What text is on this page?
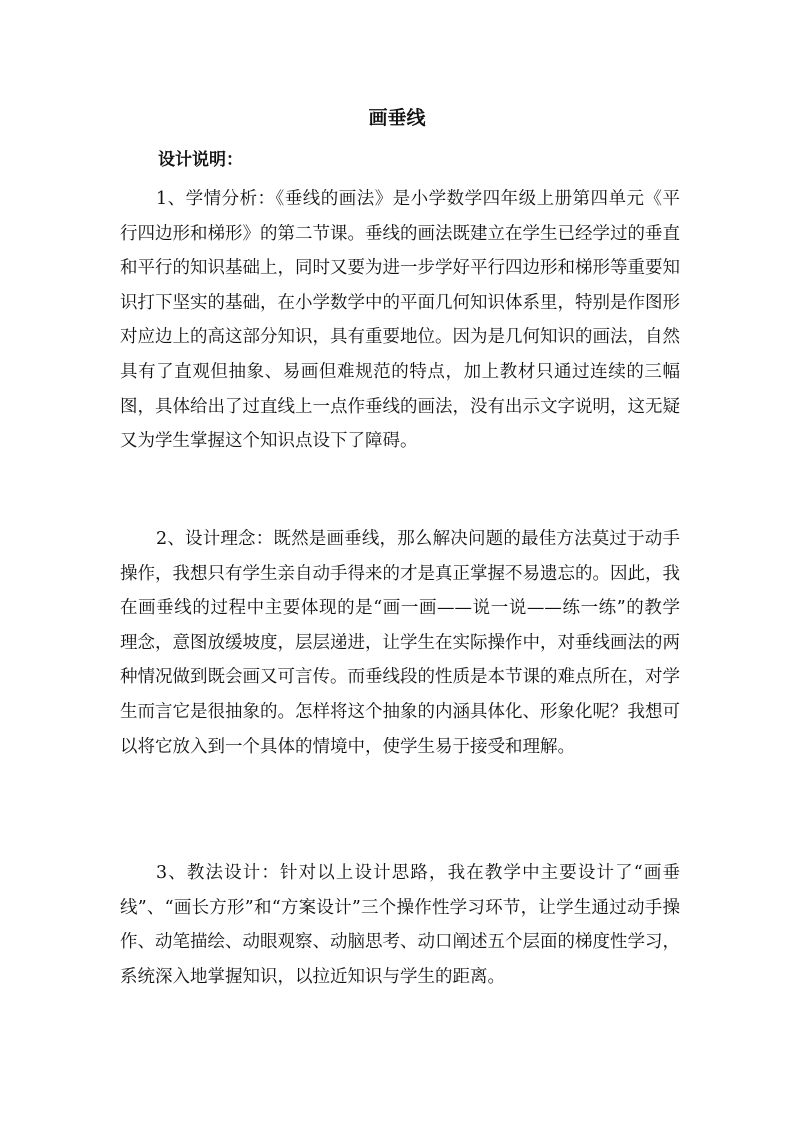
画垂线
设计说明：

1、学情分析：《垂线的画法》是小学数学四年级上册第四单元《平行四边形和梯形》的第二节课。垂线的画法既建立在学生已经学过的垂直和平行的知识基础上，同时又要为进一步学好平行四边形和梯形等重要知识打下坚实的基础，在小学数学中的平面几何知识体系里，特别是作图形对应边上的高这部分知识，具有重要地位。因为是几何知识的画法，自然具有了直观但抽象、易画但难规范的特点，加上教材只通过连续的三幅图，具体给出了过直线上一点作垂线的画法，没有出示文字说明，这无疑又为学生掌握这个知识点设下了障碍。

2、设计理念：既然是画垂线，那么解决问题的最佳方法莫过于动手操作，我想只有学生亲自动手得来的才是真正掌握不易遗忘的。因此，我在画垂线的过程中主要体现的是“画一画——说一说——练一练”的教学理念，意图放缓坡度，层层递进，让学生在实际操作中，对垂线画法的两种情况做到既会画又可言传。而垂线段的性质是本节课的难点所在，对学生而言它是很抽象的。怎样将这个抽象的内涵具体化、形象化呢？我想可以将它放入到一个具体的情境中，使学生易于接受和理解。

3、教法设计：针对以上设计思路，我在教学中主要设计了“画垂线”、“画长方形”和“方案设计”三个操作性学习环节，让学生通过动手操作、动笔描绘、动眼观察、动脑思考、动口阐述五个层面的梯度性学习，系统深入地掌握知识，以拉近知识与学生的距离。
